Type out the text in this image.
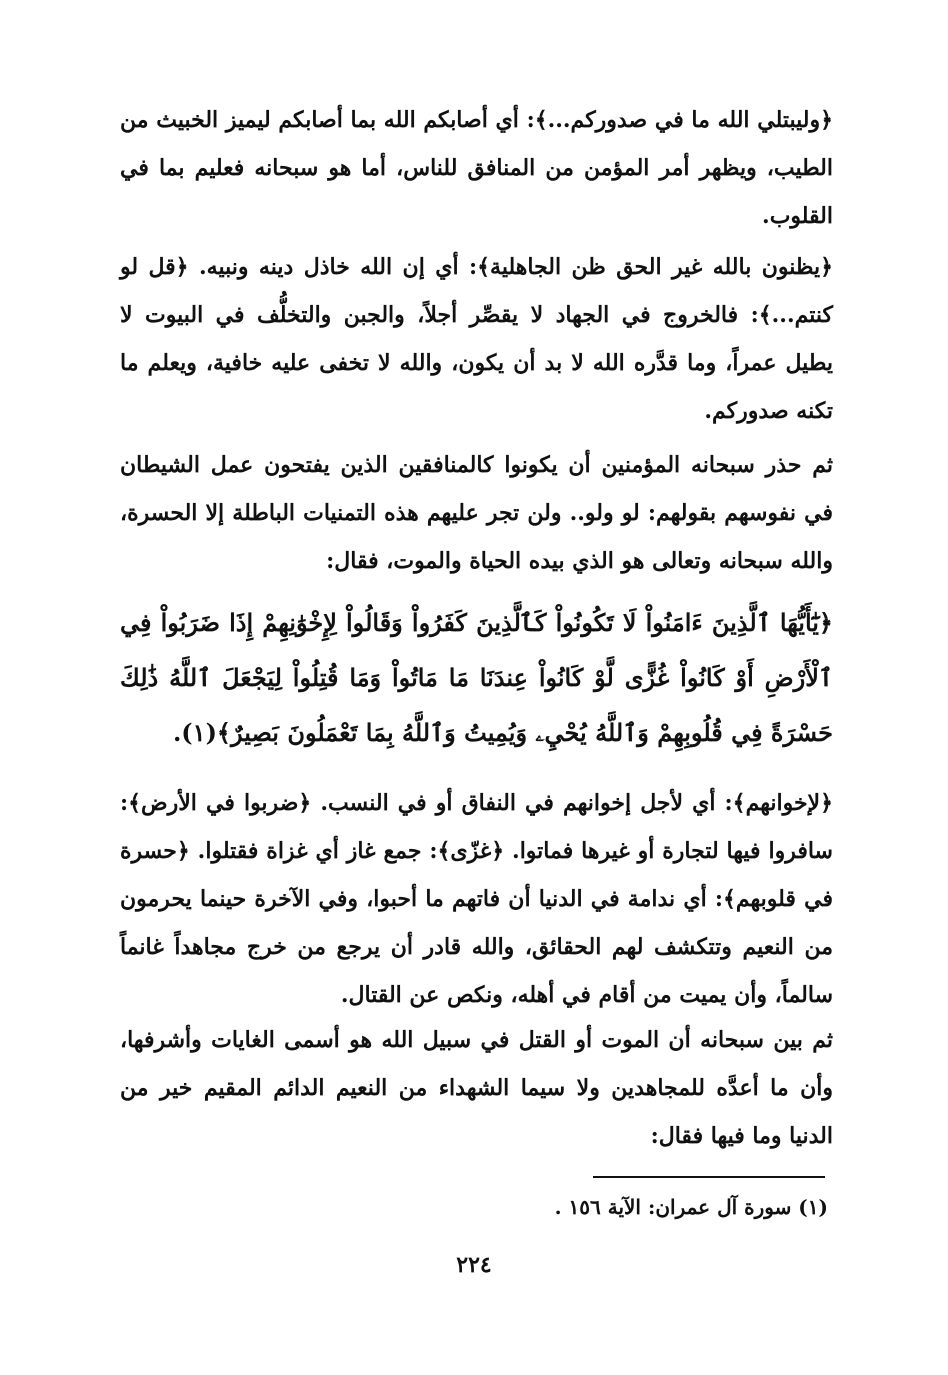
﴿وليبتلي الله ما في صدوركم...﴾: أي أصابكم الله بما أصابكم ليميز الخبيث من الطيب، ويظهر أمر المؤمن من المنافق للناس، أما هو سبحانه فعليم بما في القلوب.

﴿يظنون بالله غير الحق ظن الجاهلية﴾: أي إن الله خاذل دينه ونبيه. ﴿قل لو كنتم...﴾: فالخروج في الجهاد لا يقصِّر أجلاً، والجبن والتخلُّف في البيوت لا يطيل عمراً، وما قدَّره الله لا بد أن يكون، والله لا تخفى عليه خافية، ويعلم ما تكنه صدوركم.

ثم حذر سبحانه المؤمنين أن يكونوا كالمنافقين الذين يفتحون عمل الشيطان في نفوسهم بقولهم: لو ولو.. ولن تجر عليهم هذه التمنيات الباطلة إلا الحسرة، والله سبحانه وتعالى هو الذي بيده الحياة والموت، فقال:

﴿يَٰٓأَيُّهَا ٱلَّذِينَ ءَامَنُواْ لَا تَكُونُواْ كَٱلَّذِينَ كَفَرُواْ وَقَالُواْ لِإِخْوَٰنِهِمْ إِذَا ضَرَبُواْ فِي ٱلْأَرْضِ أَوْ كَانُواْ غُزًّى لَّوْ كَانُواْ عِندَنَا مَا مَاتُواْ وَمَا قُتِلُواْ لِيَجْعَلَ ٱللَّهُ ذَٰلِكَ حَسْرَةً فِي قُلُوبِهِمْ وَٱللَّهُ يُحْيِۦ وَيُمِيتُ وَٱللَّهُ بِمَا تَعْمَلُونَ بَصِيرٌ﴾(١).

﴿لإخوانهم﴾: أي لأجل إخوانهم في النفاق أو في النسب. ﴿ضربوا في الأرض﴾: سافروا فيها لتجارة أو غيرها فماتوا. ﴿غزّى﴾: جمع غاز أي غزاة فقتلوا. ﴿حسرة في قلوبهم﴾: أي ندامة في الدنيا أن فاتهم ما أحبوا، وفي الآخرة حينما يحرمون من النعيم وتتكشف لهم الحقائق، والله قادر أن يرجع من خرج مجاهداً غانماً سالماً، وأن يميت من أقام في أهله، ونكص عن القتال.

ثم بين سبحانه أن الموت أو القتل في سبيل الله هو أسمى الغايات وأشرفها، وأن ما أعدَّه للمجاهدين ولا سيما الشهداء من النعيم الدائم المقيم خير من الدنيا وما فيها فقال:

(١) سورة آل عمران: الآية ١٥٦ .
٢٢٤
